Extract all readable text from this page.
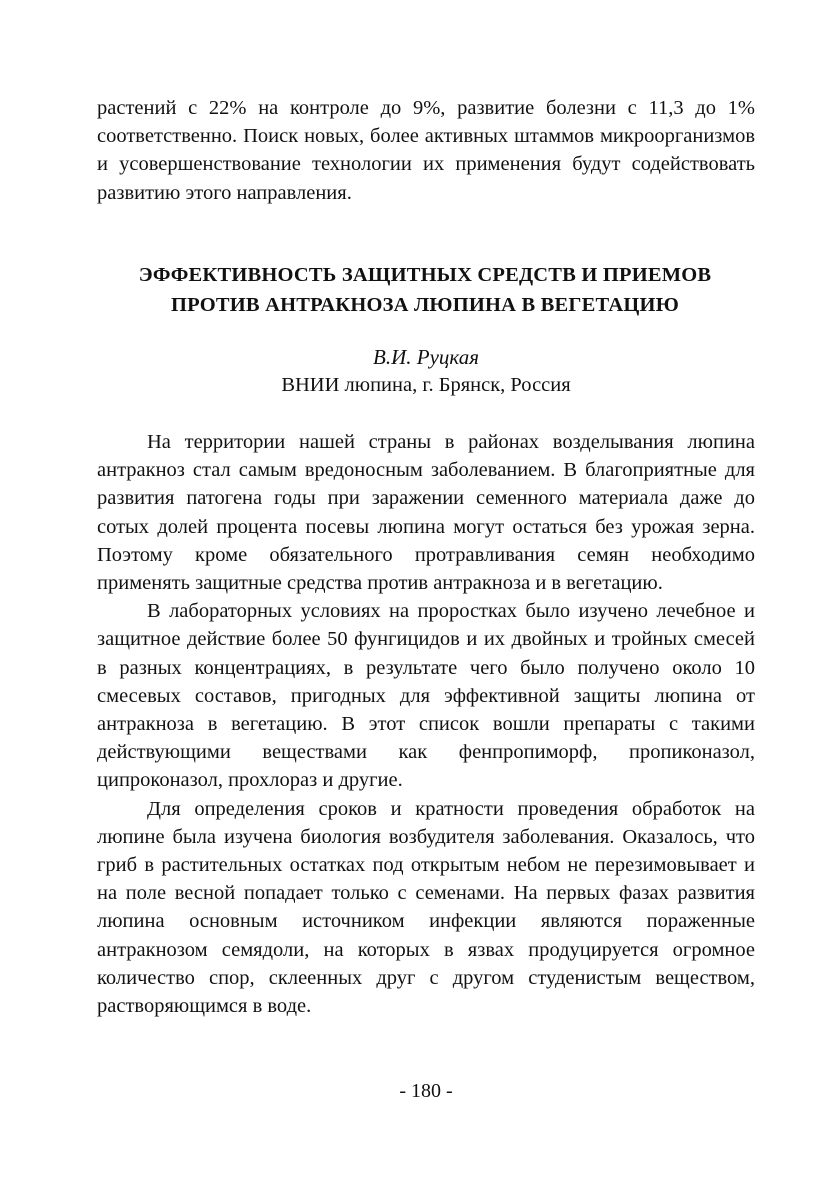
растений с 22% на контроле до 9%, развитие болезни с 11,3 до 1% соответственно. Поиск новых, более активных штаммов микроорганизмов и усовершенствование технологии их применения будут содействовать развитию этого направления.

ЭФФЕКТИВНОСТЬ ЗАЩИТНЫХ СРЕДСТВ И ПРИЕМОВ
ПРОТИВ АНТРАКНОЗА ЛЮПИНА В ВЕГЕТАЦИЮ
В.И. Руцкая
ВНИИ люпина, г. Брянск, Россия

На территории нашей страны в районах возделывания люпина антракноз стал самым вредоносным заболеванием. В благоприятные для развития патогена годы при заражении семенного материала даже до сотых долей процента посевы люпина могут остаться без урожая зерна. Поэтому кроме обязательного протравливания семян необходимо применять защитные средства против антракноза и в вегетацию.

В лабораторных условиях на проростках было изучено лечебное и защитное действие более 50 фунгицидов и их двойных и тройных смесей в разных концентрациях, в результате чего было получено около 10 смесевых составов, пригодных для эффективной защиты люпина от антракноза в вегетацию. В этот список вошли препараты с такими действующими веществами как фенпропиморф, пропиконазол, ципроконазол, прохлораз и другие.

Для определения сроков и кратности проведения обработок на люпине была изучена биология возбудителя заболевания. Оказалось, что гриб в растительных остатках под открытым небом не перезимовывает и на поле весной попадает только с семенами. На первых фазах развития люпина основным источником инфекции являются пораженные антракнозом семядоли, на которых в язвах продуцируется огромное количество спор, склеенных друг с другом студенистым веществом, растворяющимся в воде.

- 180 -
